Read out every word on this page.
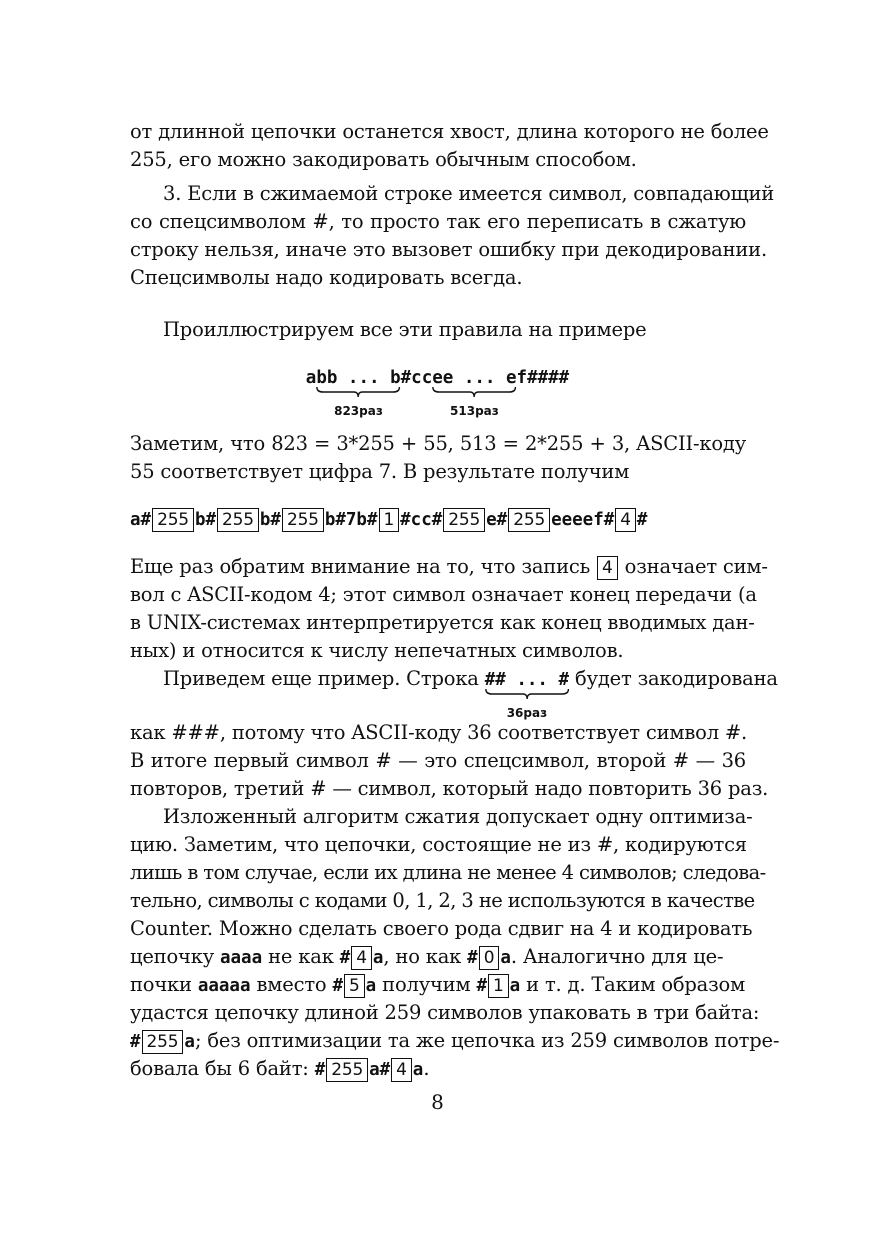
от длинной цепочки останется хвост, длина которого не более
255, его можно закодировать обычным способом.
3. Если в сжимаемой строке имеется символ, совпадающий
со спецсимволом #, то просто так его переписать в сжатую
строку нельзя, иначе это вызовет ошибку при декодировании.
Спецсимволы надо кодировать всегда.
Проиллюстрируем все эти правила на примере
abb ... b
823раз
#ccee ... e
513раз
f####
Заметим, что 823 = 3*255 + 55, 513 = 2*255 + 3, ASCII-коду
55 соответствует цифра 7. В результате получим
a# 255 b# 255 b# 255 b#7b# 1 #cc# 255 e# 255 eeeef# 4 #
Еще раз обратим внимание на то, что запись 4 означает сим-
вол с ASCII-кодом 4; этот символ означает конец передачи (а
в UNIX-системах интерпретируется как конец вводимых дан-
ных) и относится к числу непечатных символов.
Приведем еще пример. Строка ## ... #
36раз
будет закодирована
как ###, потому что ASCII-коду 36 соответствует символ #.
В итоге первый символ # — это спецсимвол, второй # — 36
повторов, третий # — символ, который надо повторить 36 раз.
Изложенный алгоритм сжатия допускает одну оптимиза-
цию. Заметим, что цепочки, состоящие не из #, кодируются
лишь в том случае, если их длина не менее 4 символов; следова-
тельно, символы с кодами 0, 1, 2, 3 не используются в качестве
Counter. Можно сделать своего рода сдвиг на 4 и кодировать
цепочку aaaa не как # 4 a, но как # 0 a. Аналогично для це-
почки aaaaa вместо # 5 a получим # 1 a и т. д. Таким образом
удастся цепочку длиной 259 символов упаковать в три байта:
# 255 a; без оптимизации та же цепочка из 259 символов потре-
бовала бы 6 байт: # 255 a# 4 a.
8
